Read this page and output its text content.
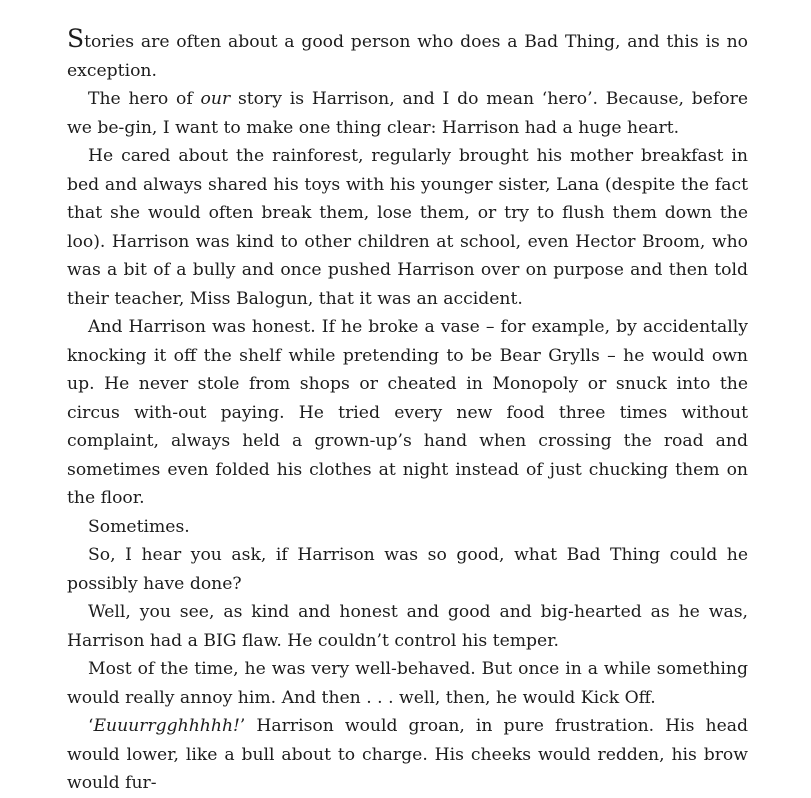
Stories are often about a good person who does a Bad Thing, and this is no exception.

The hero of our story is Harrison, and I do mean ‘hero’. Because, before we be-gin, I want to make one thing clear: Harrison had a huge heart.

He cared about the rainforest, regularly brought his mother breakfast in bed and always shared his toys with his younger sister, Lana (despite the fact that she would often break them, lose them, or try to flush them down the loo). Harrison was kind to other children at school, even Hector Broom, who was a bit of a bully and once pushed Harrison over on purpose and then told their teacher, Miss Balogun, that it was an accident.

And Harrison was honest. If he broke a vase – for example, by accidentally knocking it off the shelf while pretending to be Bear Grylls – he would own up. He never stole from shops or cheated in Monopoly or snuck into the circus with-out paying. He tried every new food three times without complaint, always held a grown-up’s hand when crossing the road and sometimes even folded his clothes at night instead of just chucking them on the floor.

Sometimes.

So, I hear you ask, if Harrison was so good, what Bad Thing could he possibly have done?

Well, you see, as kind and honest and good and big-hearted as he was, Harrison had a BIG flaw. He couldn’t control his temper.

Most of the time, he was very well-behaved. But once in a while something would really annoy him. And then . . . well, then, he would Kick Off.

‘Euuurrgghhhhh!’ Harrison would groan, in pure frustration. His head would lower, like a bull about to charge. His cheeks would redden, his brow would fur-
